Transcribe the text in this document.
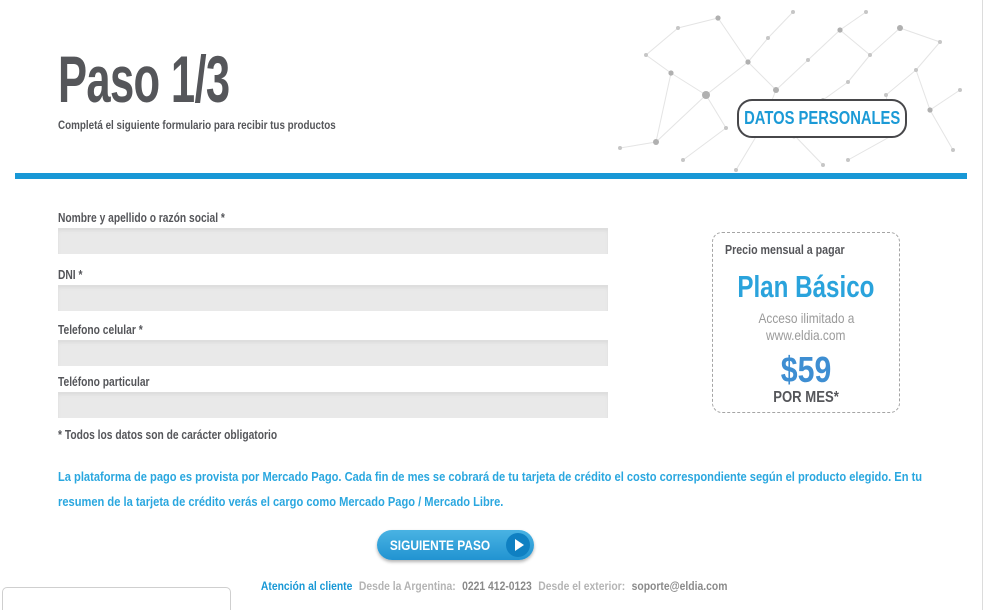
Paso 1/3
Completá el siguiente formulario para recibir tus productos	DATOS PERSONALES
Nombre y apellido o razón social *
DNI *
Telefono celular *
Teléfono particular
* Todos los datos son de carácter obligatorio
La plataforma de pago es provista por Mercado Pago. Cada fin de mes se cobrará de tu tarjeta de crédito el costo correspondiente según el producto elegido. En tu resumen de la tarjeta de crédito verás el cargo como Mercado Pago / Mercado Libre.
Precio mensual a pagar
Plan Básico
Acceso ilimitado a
www.eldia.com
$59
POR MES*
SIGUIENTE PASO
Atención al cliente Desde la Argentina: 0221 412-0123 Desde el exterior: soporte@eldia.com
